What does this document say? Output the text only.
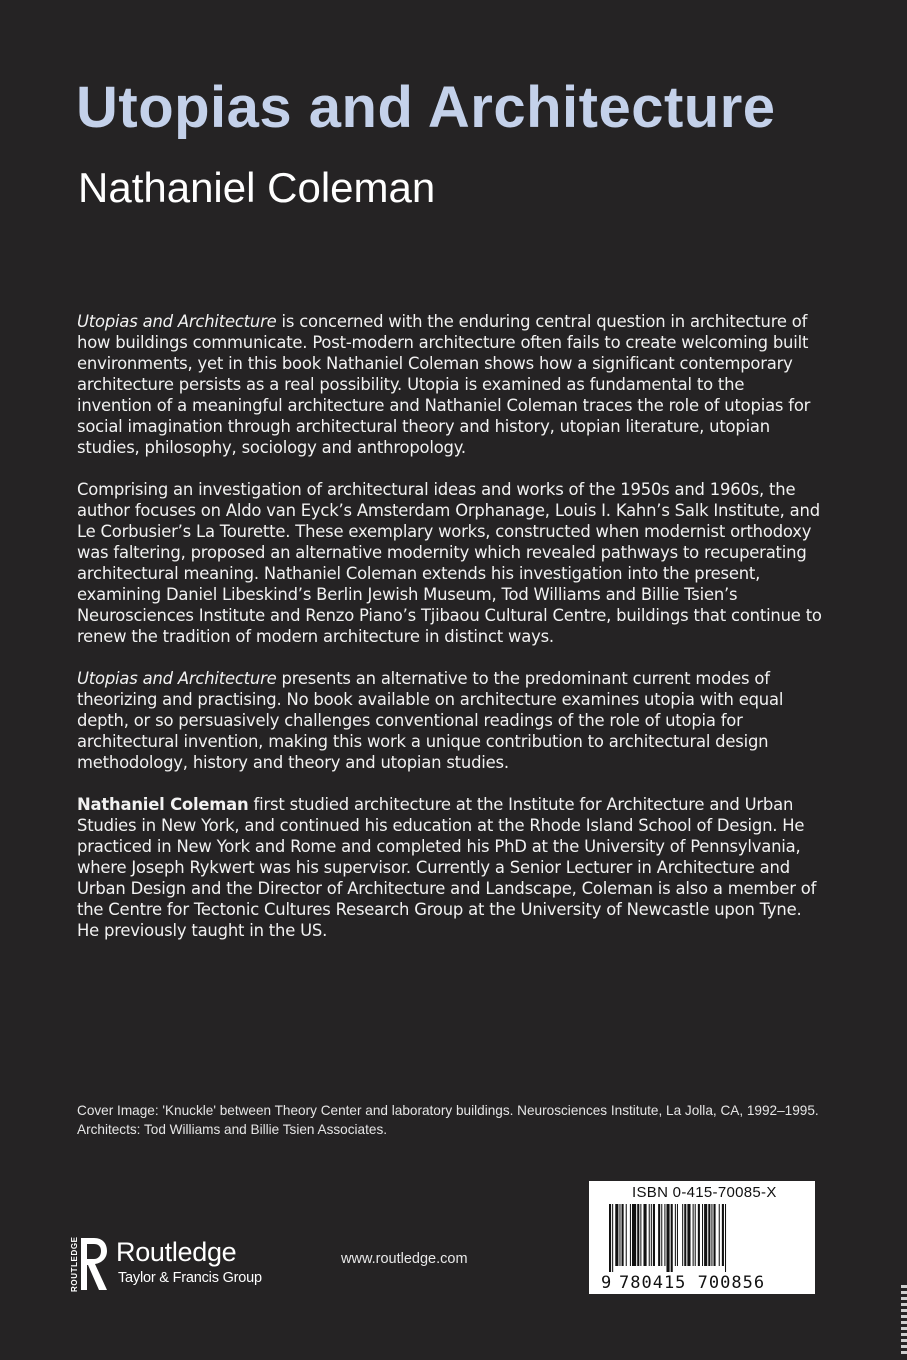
Utopias and Architecture
Nathaniel Coleman

Utopias and Architecture is concerned with the enduring central question in architecture of how buildings communicate. Post-modern architecture often fails to create welcoming built environments, yet in this book Nathaniel Coleman shows how a significant contemporary architecture persists as a real possibility. Utopia is examined as fundamental to the invention of a meaningful architecture and Nathaniel Coleman traces the role of utopias for social imagination through architectural theory and history, utopian literature, utopian studies, philosophy, sociology and anthropology.

Comprising an investigation of architectural ideas and works of the 1950s and 1960s, the author focuses on Aldo van Eyck’s Amsterdam Orphanage, Louis I. Kahn’s Salk Institute, and Le Corbusier’s La Tourette. These exemplary works, constructed when modernist orthodoxy was faltering, proposed an alternative modernity which revealed pathways to recuperating architectural meaning. Nathaniel Coleman extends his investigation into the present, examining Daniel Libeskind’s Berlin Jewish Museum, Tod Williams and Billie Tsien’s Neurosciences Institute and Renzo Piano’s Tjibaou Cultural Centre, buildings that continue to renew the tradition of modern architecture in distinct ways.

Utopias and Architecture presents an alternative to the predominant current modes of theorizing and practising. No book available on architecture examines utopia with equal depth, or so persuasively challenges conventional readings of the role of utopia for architectural invention, making this work a unique contribution to architectural design methodology, history and theory and utopian studies.

Nathaniel Coleman first studied architecture at the Institute for Architecture and Urban Studies in New York, and continued his education at the Rhode Island School of Design. He practiced in New York and Rome and completed his PhD at the University of Pennsylvania, where Joseph Rykwert was his supervisor. Currently a Senior Lecturer in Architecture and Urban Design and the Director of Architecture and Landscape, Coleman is also a member of the Centre for Tectonic Cultures Research Group at the University of Newcastle upon Tyne. He previously taught in the US.

Cover Image: 'Knuckle' between Theory Center and laboratory buildings. Neurosciences Institute, La Jolla, CA, 1992–1995. Architects: Tod Williams and Billie Tsien Associates.

ROUTLEDGE Routledge
Taylor & Francis Group
www.routledge.com
ISBN 0-415-70085-X
9 780415 700856
